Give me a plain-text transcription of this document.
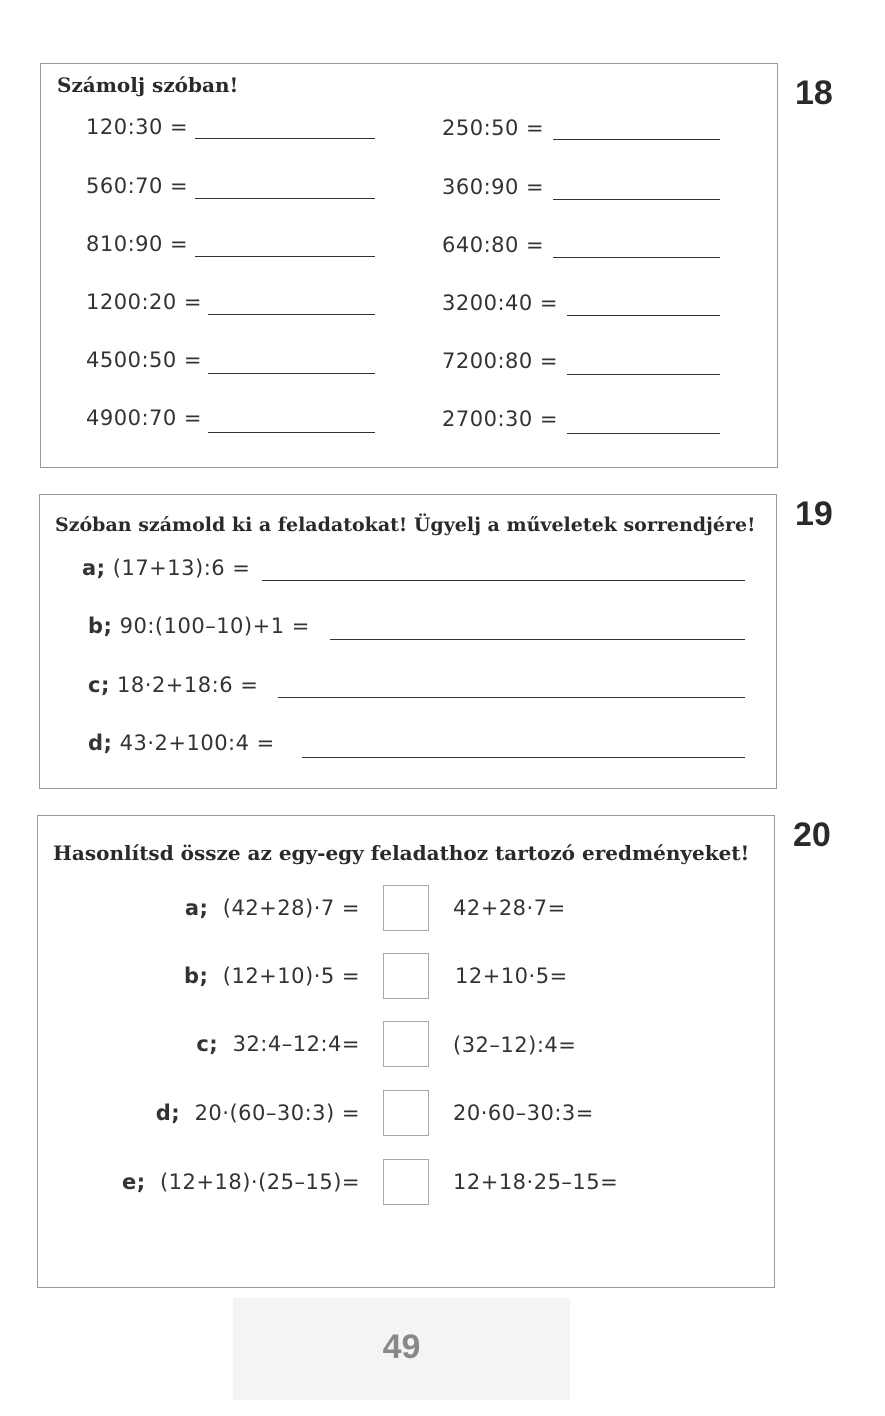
18
Számolj szóban!
120:30 =	250:50 =
560:70 =	360:90 =
810:90 =	640:80 =
1200:20 =	3200:40 =
4500:50 =	7200:80 =
4900:70 =	2700:30 =
19
Szóban számold ki a feladatokat! Ügyelj a műveletek sorrendjére!
a; (17+13):6 =
b; 90:(100–10)+1 =
c; 18·2+18:6 =
d; 43·2+100:4 =
20
Hasonlítsd össze az egy-egy feladathoz tartozó eredményeket!
a; (42+28)·7 =	42+28·7=
b; (12+10)·5 =	12+10·5=
c; 32:4–12:4=	(32–12):4=
d; 20·(60–30:3) =	20·60–30:3=
e; (12+18)·(25–15)=	12+18·25–15=
49
